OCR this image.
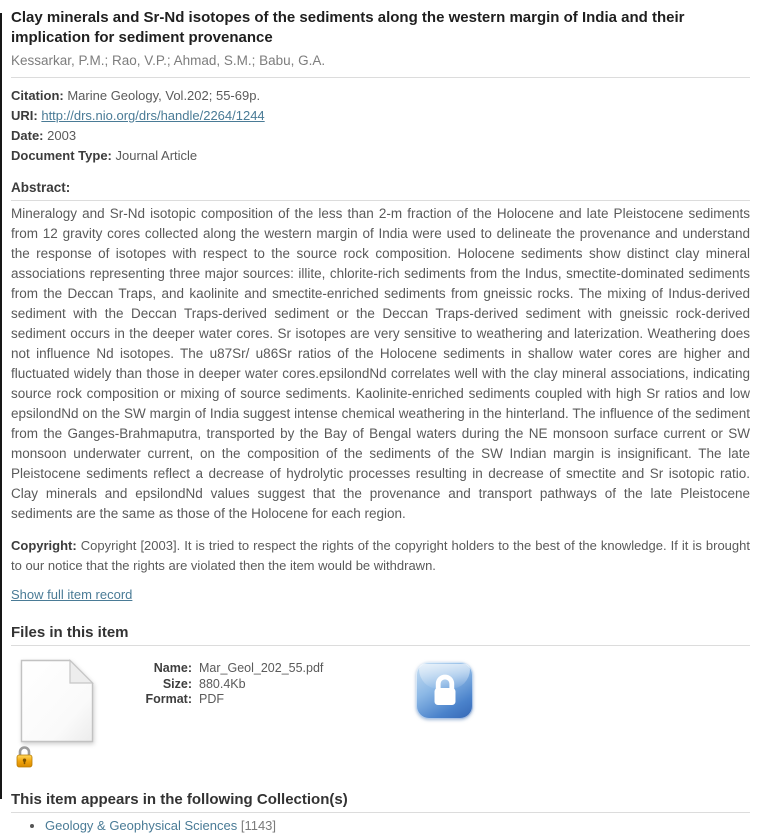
Clay minerals and Sr-Nd isotopes of the sediments along the western margin of India and their implication for sediment provenance

Kessarkar, P.M.; Rao, V.P.; Ahmad, S.M.; Babu, G.A.

Citation: Marine Geology, Vol.202; 55-69p.

URI: http://drs.nio.org/drs/handle/2264/1244

Date: 2003

Document Type: Journal Article

Abstract:

Mineralogy and Sr-Nd isotopic composition of the less than 2-m fraction of the Holocene and late Pleistocene sediments from 12 gravity cores collected along the western margin of India were used to delineate the provenance and understand the response of isotopes with respect to the source rock composition. Holocene sediments show distinct clay mineral associations representing three major sources: illite, chlorite-rich sediments from the Indus, smectite-dominated sediments from the Deccan Traps, and kaolinite and smectite-enriched sediments from gneissic rocks. The mixing of Indus-derived sediment with the Deccan Traps-derived sediment or the Deccan Traps-derived sediment with gneissic rock-derived sediment occurs in the deeper water cores. Sr isotopes are very sensitive to weathering and laterization. Weathering does not influence Nd isotopes. The u87Sr/ u86Sr ratios of the Holocene sediments in shallow water cores are higher and fluctuated widely than those in deeper water cores.epsilondNd correlates well with the clay mineral associations, indicating source rock composition or mixing of source sediments. Kaolinite-enriched sediments coupled with high Sr ratios and low epsilondNd on the SW margin of India suggest intense chemical weathering in the hinterland. The influence of the sediment from the Ganges-Brahmaputra, transported by the Bay of Bengal waters during the NE monsoon surface current or SW monsoon underwater current, on the composition of the sediments of the SW Indian margin is insignificant. The late Pleistocene sediments reflect a decrease of hydrolytic processes resulting in decrease of smectite and Sr isotopic ratio. Clay minerals and epsilondNd values suggest that the provenance and transport pathways of the late Pleistocene sediments are the same as those of the Holocene for each region.

Copyright: Copyright [2003]. It is tried to respect the rights of the copyright holders to the best of the knowledge. If it is brought to our notice that the rights are violated then the item would be withdrawn.

Show full item record
Files in this item

Name: Mar_Geol_202_55.pdf

Size: 880.4Kb

Format: PDF

This item appears in the following Collection(s)
• Geology & Geophysical Sciences [1143]
